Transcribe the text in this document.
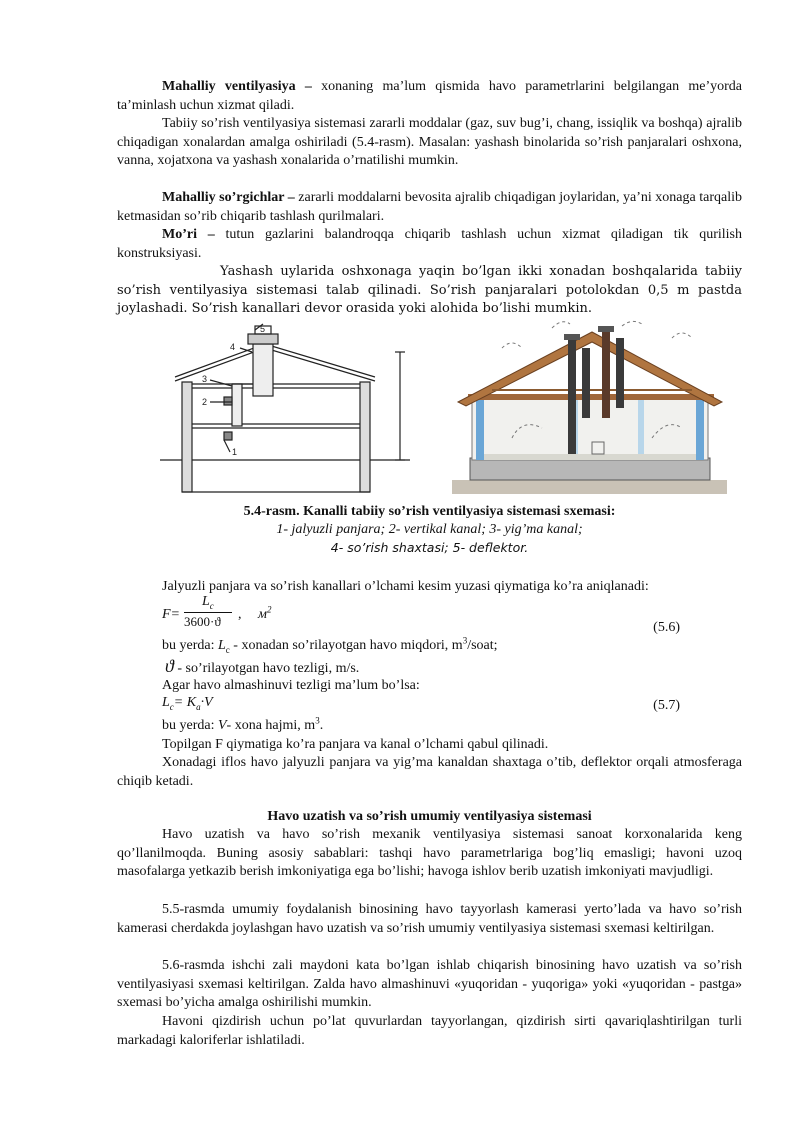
Mahalliy ventilyasiya – xonaning ma’lum qismida havo parametrlarini belgilangan me’yorda ta’minlash uchun xizmat qiladi.

Tabiiy so’rish ventilyasiya sistemasi zararli moddalar (gaz, suv bug’i, chang, issiqlik va boshqa) ajralib chiqadigan xonalardan amalga oshiriladi (5.4-rasm). Masalan: yashash binolarida so’rish panjaralari oshxona, vanna, xojatxona va yashash xonalarida o’rnatilishi mumkin.

Mahalliy so’rgichlar – zararli moddalarni bevosita ajralib chiqadigan joylaridan, ya’ni xonaga tarqalib ketmasidan so’rib chiqarib tashlash qurilmalari.

Mo’ri – tutun gazlarini balandroqqa chiqarib tashlash uchun xizmat qiladigan tik qurilish konstruksiyasi.

Yashash uylarida oshxonaga yaqin bo’lgan ikki xonadan boshqalarida tabiiy so’rish ventilyasiya sistemasi talab qilinadi. So’rish panjaralari potolokdan 0,5 m pastda joylashadi. So’rish kanallari devor orasida yoki alohida bo’lishi mumkin.

5
4
3
2
1
5.4-rasm. Kanalli tabiiy so’rish ventilyasiya sistemasi sxemasi:
1- jalyuzli panjara; 2- vertikal kanal; 3- yig’ma kanal;
4- so’rish shaxtasi; 5- deflektor.

Jalyuzli panjara va so’rish kanallari o’lchami kesim yuzasi qiymatiga ko’ra aniqlanadi:

F=
$L_c$
3600·ϑ , $м^2$
(5.6)

bu yerda: $L_c$ - xonadan so’rilayotgan havo miqdori, $m^3$/soat;

ϑ - so’rilayotgan havo tezligi, m/s.

Agar havo almashinuvi tezligi ma’lum bo’lsa:

$L_c= K_a\cdot V$	(5.7)

bu yerda: V- xona hajmi, $m^3$.

Topilgan F qiymatiga ko’ra panjara va kanal o’lchami qabul qilinadi.

Xonadagi iflos havo jalyuzli panjara va yig’ma kanaldan shaxtaga o’tib, deflektor orqali atmosferaga chiqib ketadi.

Havo uzatish va so’rish umumiy ventilyasiya sistemasi

Havo uzatish va havo so’rish mexanik ventilyasiya sistemasi sanoat korxonalarida keng qo’llanilmoqda. Buning asosiy sabablari: tashqi havo parametrlariga bog’liq emasligi; havoni uzoq masofalarga yetkazib berish imkoniyatiga ega bo’lishi; havoga ishlov berib uzatish imkoniyati mavjudligi.

5.5-rasmda umumiy foydalanish binosining havo tayyorlash kamerasi yerto’lada va havo so’rish kamerasi cherdakda joylashgan havo uzatish va so’rish umumiy ventilyasiya sistemasi sxemasi keltirilgan.

5.6-rasmda ishchi zali maydoni kata bo’lgan ishlab chiqarish binosining havo uzatish va so’rish ventilyasiyasi sxemasi keltirilgan. Zalda havo almashinuvi «yuqoridan - yuqoriga» yoki «yuqoridan - pastga» sxemasi bo’yicha amalga oshirilishi mumkin.

Havoni qizdirish uchun po’lat quvurlardan tayyorlangan, qizdirish sirti qavariqlashtirilgan turli markadagi kaloriferlar ishlatiladi.
